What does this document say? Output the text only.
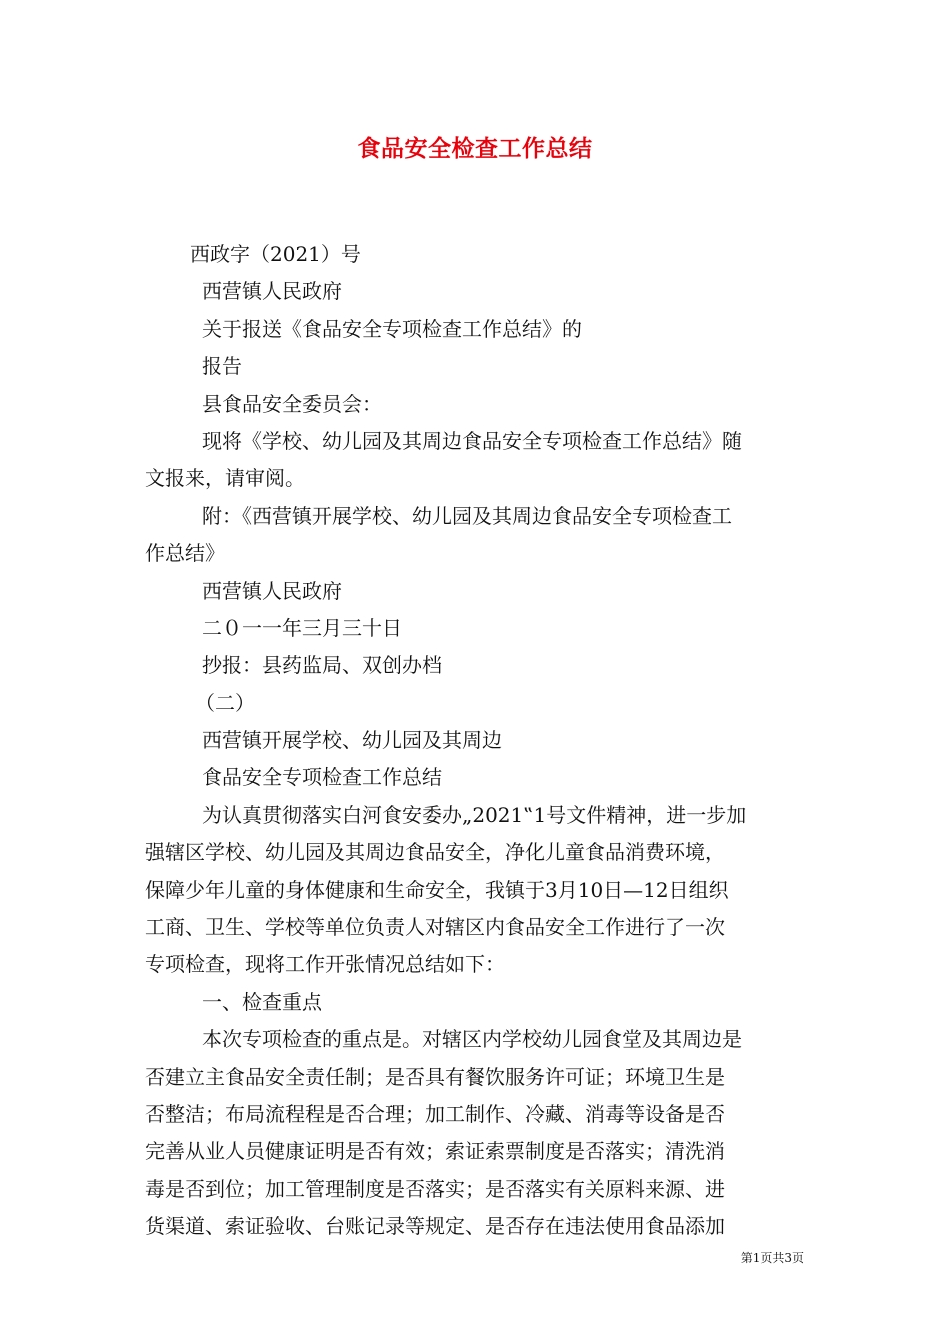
食品安全检查工作总结
西政字（2021）号
西营镇人民政府
关于报送《食品安全专项检查工作总结》的
报告
县食品安全委员会：
现将《学校、幼儿园及其周边食品安全专项检查工作总结》随
文报来，请审阅。
附：《西营镇开展学校、幼儿园及其周边食品安全专项检查工
作总结》
西营镇人民政府
二０一一年三月三十日
抄报：县药监局、双创办档
（二）
西营镇开展学校、幼儿园及其周边
食品安全专项检查工作总结
为认真贯彻落实白河食安委办„2021‟1号文件精神，进一步加
强辖区学校、幼儿园及其周边食品安全，净化儿童食品消费环境，
保障少年儿童的身体健康和生命安全，我镇于3月10日—12日组织
工商、卫生、学校等单位负责人对辖区内食品安全工作进行了一次
专项检查，现将工作开张情况总结如下：
一、检查重点
本次专项检查的重点是。对辖区内学校幼儿园食堂及其周边是
否建立主食品安全责任制；是否具有餐饮服务许可证；环境卫生是
否整洁；布局流程程是否合理；加工制作、冷藏、消毒等设备是否
完善从业人员健康证明是否有效；索证索票制度是否落实；清洗消
毒是否到位；加工管理制度是否落实；是否落实有关原料来源、进
货渠道、索证验收、台账记录等规定、是否存在违法使用食品添加
第1页共3页
